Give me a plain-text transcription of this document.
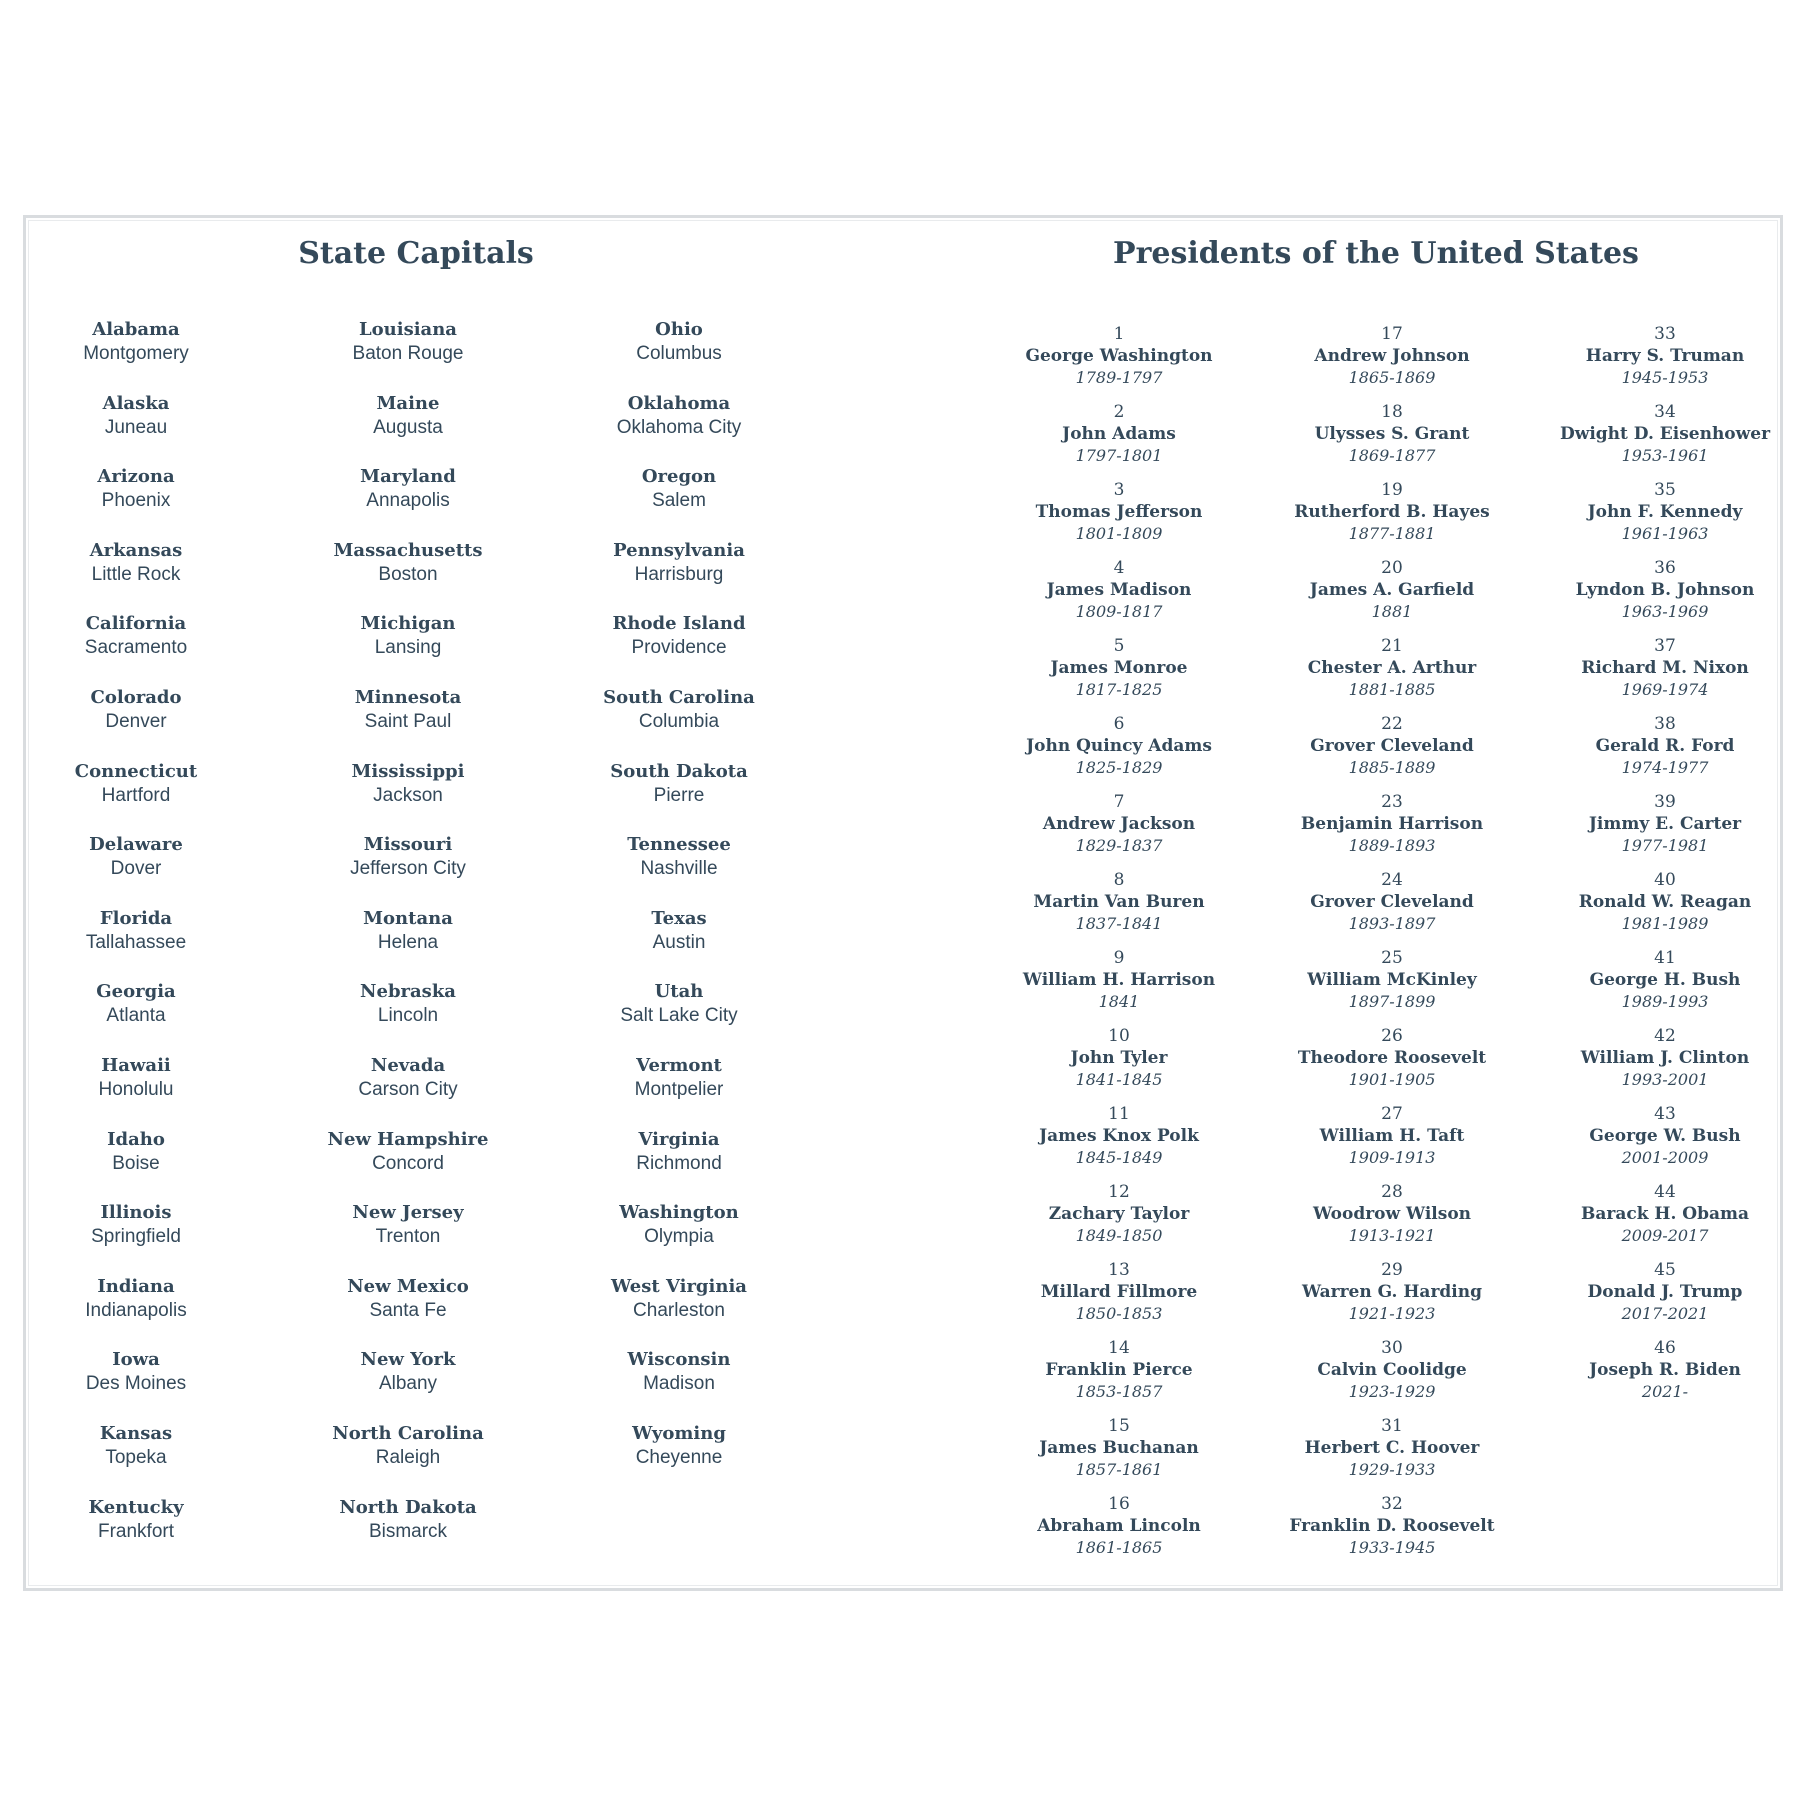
State Capitals	Presidents of the United States
Alabama
Montgomery
Alaska
Juneau
Arizona
Phoenix
Arkansas
Little Rock
California
Sacramento
Colorado
Denver
Connecticut
Hartford
Delaware
Dover
Florida
Tallahassee
Georgia
Atlanta
Hawaii
Honolulu
Idaho
Boise
Illinois
Springfield
Indiana
Indianapolis
Iowa
Des Moines
Kansas
Topeka
Kentucky
Frankfort
Louisiana
Baton Rouge
Maine
Augusta
Maryland
Annapolis
Massachusetts
Boston
Michigan
Lansing
Minnesota
Saint Paul
Mississippi
Jackson
Missouri
Jefferson City
Montana
Helena
Nebraska
Lincoln
Nevada
Carson City
New Hampshire
Concord
New Jersey
Trenton
New Mexico
Santa Fe
New York
Albany
North Carolina
Raleigh
North Dakota
Bismarck
Ohio
Columbus
Oklahoma
Oklahoma City
Oregon
Salem
Pennsylvania
Harrisburg
Rhode Island
Providence
South Carolina
Columbia
South Dakota
Pierre
Tennessee
Nashville
Texas
Austin
Utah
Salt Lake City
Vermont
Montpelier
Virginia
Richmond
Washington
Olympia
West Virginia
Charleston
Wisconsin
Madison
Wyoming
Cheyenne
1
George Washington
1789-1797
2
John Adams
1797-1801
3
Thomas Jefferson
1801-1809
4
James Madison
1809-1817
5
James Monroe
1817-1825
6
John Quincy Adams
1825-1829
7
Andrew Jackson
1829-1837
8
Martin Van Buren
1837-1841
9
William H. Harrison
1841
10
John Tyler
1841-1845
11
James Knox Polk
1845-1849
12
Zachary Taylor
1849-1850
13
Millard Fillmore
1850-1853
14
Franklin Pierce
1853-1857
15
James Buchanan
1857-1861
16
Abraham Lincoln
1861-1865
17
Andrew Johnson
1865-1869
18
Ulysses S. Grant
1869-1877
19
Rutherford B. Hayes
1877-1881
20
James A. Garfield
1881
21
Chester A. Arthur
1881-1885
22
Grover Cleveland
1885-1889
23
Benjamin Harrison
1889-1893
24
Grover Cleveland
1893-1897
25
William McKinley
1897-1899
26
Theodore Roosevelt
1901-1905
27
William H. Taft
1909-1913
28
Woodrow Wilson
1913-1921
29
Warren G. Harding
1921-1923
30
Calvin Coolidge
1923-1929
31
Herbert C. Hoover
1929-1933
32
Franklin D. Roosevelt
1933-1945
33
Harry S. Truman
1945-1953
34
Dwight D. Eisenhower
1953-1961
35
John F. Kennedy
1961-1963
36
Lyndon B. Johnson
1963-1969
37
Richard M. Nixon
1969-1974
38
Gerald R. Ford
1974-1977
39
Jimmy E. Carter
1977-1981
40
Ronald W. Reagan
1981-1989
41
George H. Bush
1989-1993
42
William J. Clinton
1993-2001
43
George W. Bush
2001-2009
44
Barack H. Obama
2009-2017
45
Donald J. Trump
2017-2021
46
Joseph R. Biden
2021-
